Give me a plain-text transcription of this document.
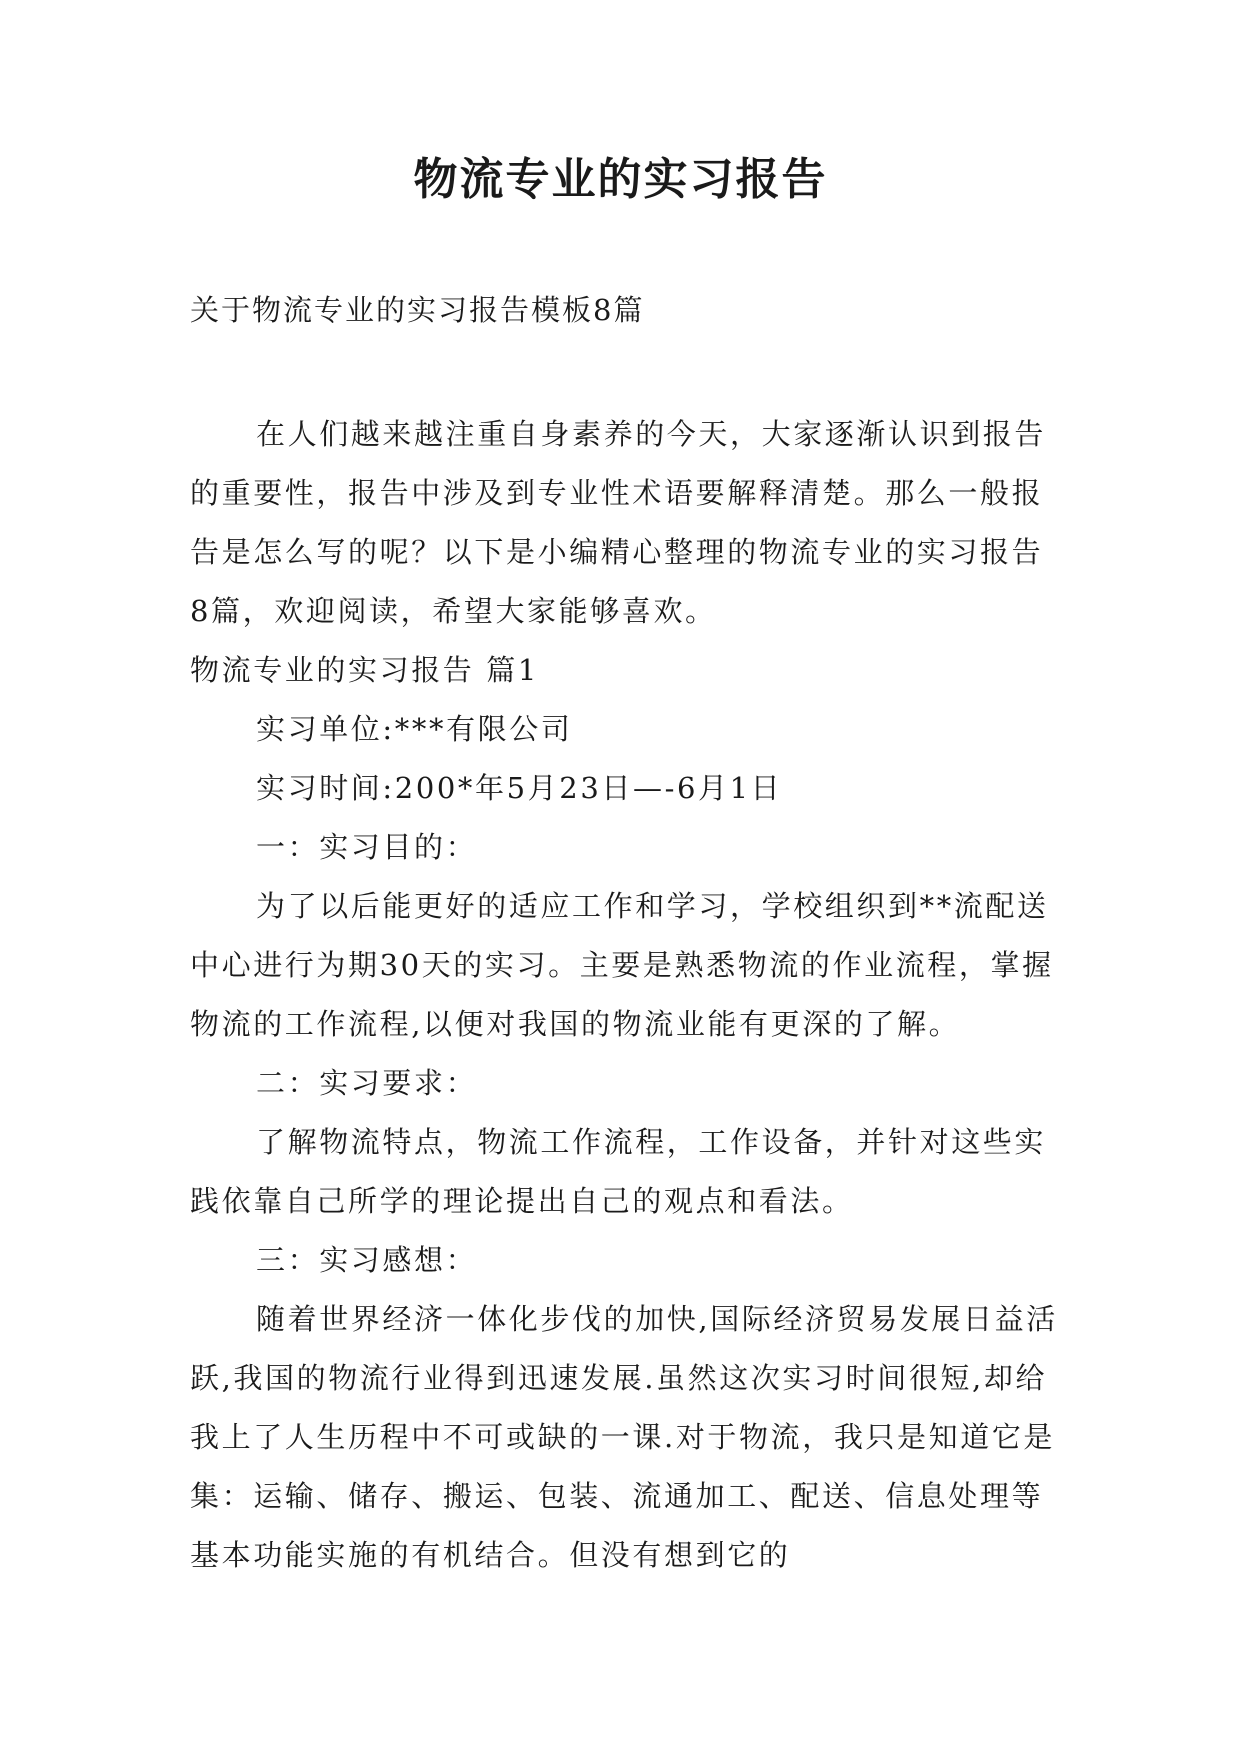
物流专业的实习报告
关于物流专业的实习报告模板8篇

在人们越来越注重自身素养的今天，大家逐渐认识到报告的重要性，报告中涉及到专业性术语要解释清楚。那么一般报告是怎么写的呢？以下是小编精心整理的物流专业的实习报告8篇，欢迎阅读，希望大家能够喜欢。

物流专业的实习报告 篇1

实习单位:***有限公司

实习时间:200*年5月23日—-6月1日

一：实习目的：

为了以后能更好的适应工作和学习，学校组织到**流配送中心进行为期30天的实习。主要是熟悉物流的作业流程，掌握物流的工作流程,以便对我国的物流业能有更深的了解。

二：实习要求：

了解物流特点，物流工作流程，工作设备，并针对这些实践依靠自己所学的理论提出自己的观点和看法。

三：实习感想：

随着世界经济一体化步伐的加快,国际经济贸易发展日益活跃,我国的物流行业得到迅速发展.虽然这次实习时间很短,却给我上了人生历程中不可或缺的一课.对于物流，我只是知道它是集：运输、储存、搬运、包装、流通加工、配送、信息处理等基本功能实施的有机结合。但没有想到它的
